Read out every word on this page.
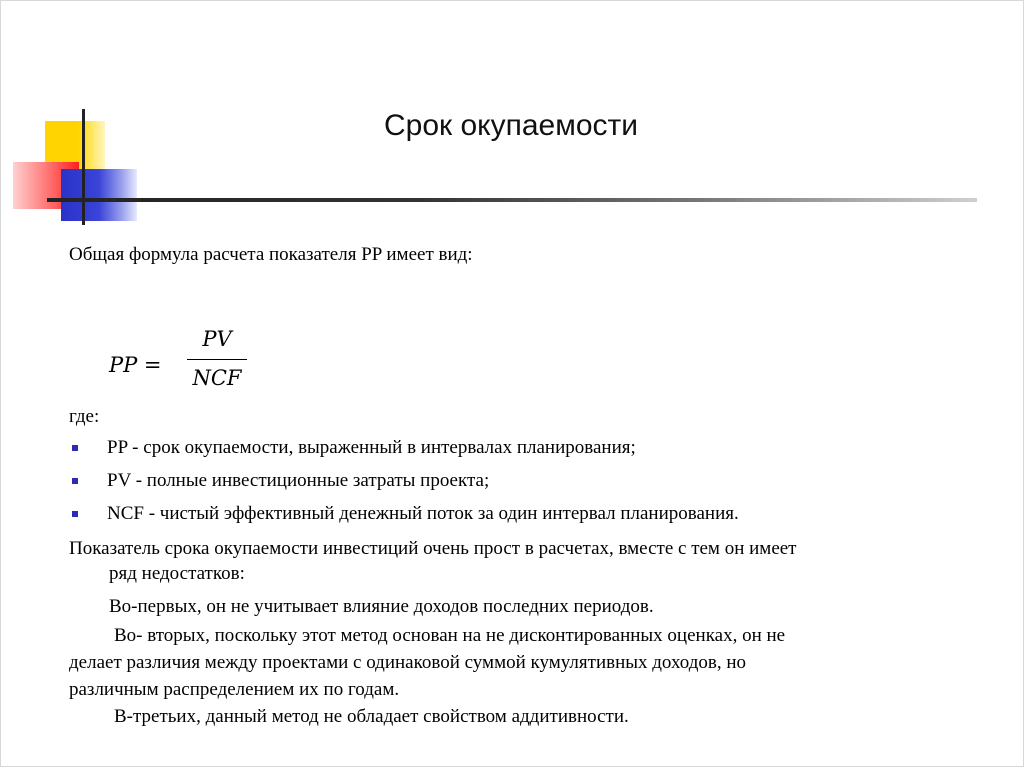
Срок окупаемости
Общая формула расчета показателя PP имеет вид:
PP =
PV
NCF
где:
PP - срок окупаемости, выраженный в интервалах планирования;
PV - полные инвестиционные затраты проекта;
NCF - чистый эффективный денежный поток за один интервал планирования.
Показатель срока окупаемости инвестиций очень прост в расчетах, вместе с тем он имеет
ряд недостатков:
Во-первых, он не учитывает влияние доходов последних периодов.
Во- вторых, поскольку этот метод основан на не дисконтированных оценках, он не
делает различия между проектами с одинаковой суммой кумулятивных доходов, но
различным распределением их по годам.
В-третьих, данный метод не обладает свойством аддитивности.
